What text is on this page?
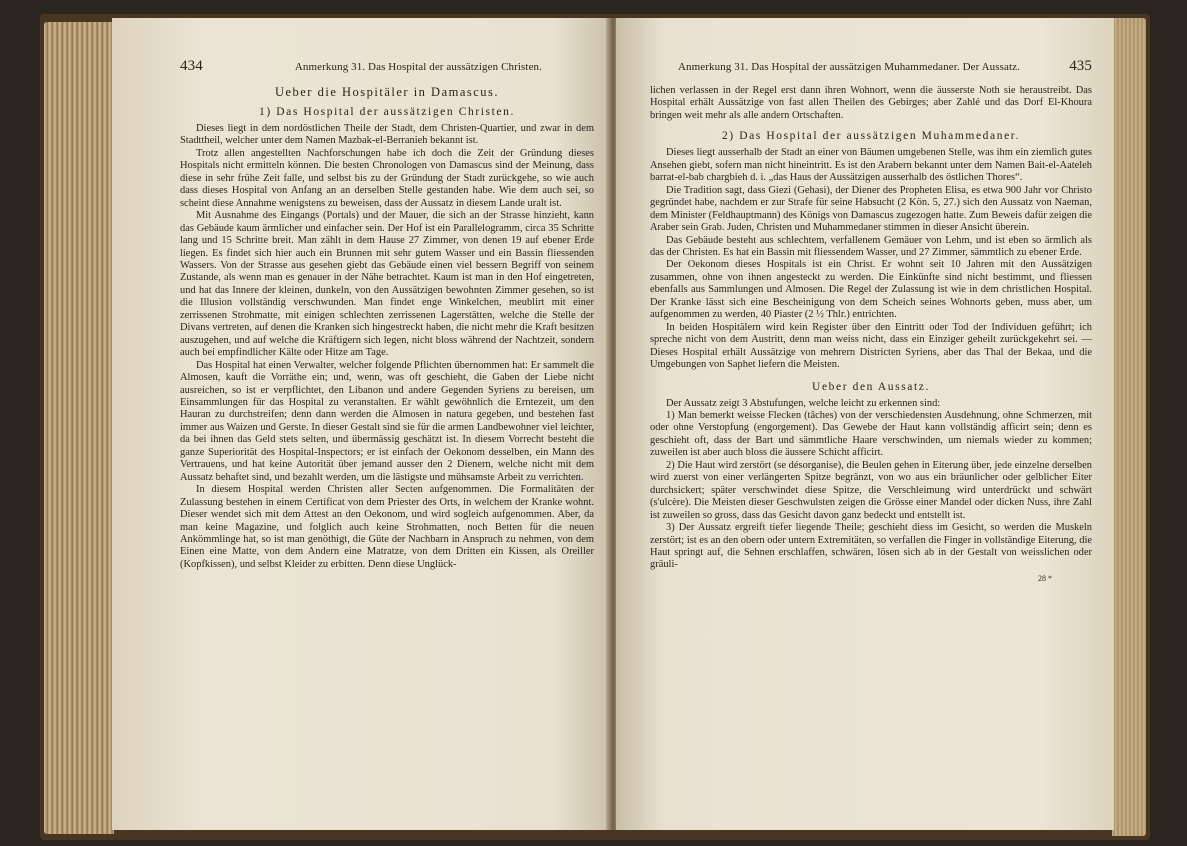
434	Anmerkung 31. Das Hospital der aussätzigen Christen.
Ueber die Hospitäler in Damascus.
1) Das Hospital der aussätzigen Christen.

Dieses liegt in dem nordöstlichen Theile der Stadt, dem Christen-Quartier, und zwar in dem Stadttheil, welcher unter dem Namen Mazbak-el-Berranieh bekannt ist.

Trotz allen angestellten Nachforschungen habe ich doch die Zeit der Gründung dieses Hospitals nicht ermitteln können. Die besten Chronologen von Damascus sind der Meinung, dass diese in sehr frühe Zeit falle, und selbst bis zu der Gründung der Stadt zurückgehe, so wie auch dass dieses Hospital von Anfang an an derselben Stelle gestanden habe. Wie dem auch sei, so scheint diese Annahme wenigstens zu beweisen, dass der Aussatz in diesem Lande uralt ist.

Mit Ausnahme des Eingangs (Portals) und der Mauer, die sich an der Strasse hinzieht, kann das Gebäude kaum ärmlicher und einfacher sein. Der Hof ist ein Parallelogramm, circa 35 Schritte lang und 15 Schritte breit. Man zählt in dem Hause 27 Zimmer, von denen 19 auf ebener Erde liegen. Es findet sich hier auch ein Brunnen mit sehr gutem Wasser und ein Bassin fliessenden Wassers. Von der Strasse aus gesehen giebt das Gebäude einen viel bessern Begriff von seinem Zustande, als wenn man es genauer in der Nähe betrachtet. Kaum ist man in den Hof eingetreten, und hat das Innere der kleinen, dunkeln, von den Aussätzigen bewohnten Zimmer gesehen, so ist die Illusion vollständig verschwunden. Man findet enge Winkelchen, meublirt mit einer zerrissenen Strohmatte, mit einigen schlechten zerrissenen Lagerstätten, welche die Stelle der Divans vertreten, auf denen die Kranken sich hingestreckt haben, die nicht mehr die Kraft besitzen auszugehen, und auf welche die Kräftigern sich legen, nicht bloss während der Nachtzeit, sondern auch bei empfindlicher Kälte oder Hitze am Tage.

Das Hospital hat einen Verwalter, welcher folgende Pflichten übernommen hat: Er sammelt die Almosen, kauft die Vorräthe ein; und, wenn, was oft geschieht, die Gaben der Liebe nicht ausreichen, so ist er verpflichtet, den Libanon und andere Gegenden Syriens zu bereisen, um Einsammlungen für das Hospital zu veranstalten. Er wählt gewöhnlich die Erntezeit, um den Hauran zu durchstreifen; denn dann werden die Almosen in natura gegeben, und bestehen fast immer aus Waizen und Gerste. In dieser Gestalt sind sie für die armen Landbewohner viel leichter, da bei ihnen das Geld stets selten, und übermässig geschätzt ist. In diesem Vorrecht besteht die ganze Superiorität des Hospital-Inspectors; er ist einfach der Oekonom desselben, ein Mann des Vertrauens, und hat keine Autorität über jemand ausser den 2 Dienern, welche nicht mit dem Aussatz behaftet sind, und bezahlt werden, um die lästigste und mühsamste Arbeit zu verrichten.

In diesem Hospital werden Christen aller Secten aufgenommen. Die Formalitäten der Zulassung bestehen in einem Certificat von dem Priester des Orts, in welchem der Kranke wohnt. Dieser wendet sich mit dem Attest an den Oekonom, und wird sogleich aufgenommen. Aber, da man keine Magazine, und folglich auch keine Strohmatten, noch Betten für die neuen Ankömmlinge hat, so ist man genöthigt, die Güte der Nachbarn in Anspruch zu nehmen, von dem Einen eine Matte, von dem Andern eine Matratze, von dem Dritten ein Kissen, als Oreiller (Kopfkissen), und selbst Kleider zu erbitten. Denn diese Unglück-

Anmerkung 31. Das Hospital der aussätzigen Muhammedaner. Der Aussatz.	435

lichen verlassen in der Regel erst dann ihren Wohnort, wenn die äusserste Noth sie heraustreibt. Das Hospital erhält Aussätzige von fast allen Theilen des Gebirges; aber Zahlé und das Dorf El-Khoura bringen weit mehr als alle andern Ortschaften.

2) Das Hospital der aussätzigen Muhammedaner.

Dieses liegt ausserhalb der Stadt an einer von Bäumen umgebenen Stelle, was ihm ein ziemlich gutes Ansehen giebt, sofern man nicht hineintritt. Es ist den Arabern bekannt unter dem Namen Bait-el-Aateleh barrat-el-bab chargbieh d. i. „das Haus der Aussätzigen ausserhalb des östlichen Thores“.

Die Tradition sagt, dass Giezi (Gehasi), der Diener des Propheten Elisa, es etwa 900 Jahr vor Christo gegründet habe, nachdem er zur Strafe für seine Habsucht (2 Kön. 5, 27.) sich den Aussatz von Naeman, dem Minister (Feldhauptmann) des Königs von Damascus zugezogen hatte. Zum Beweis dafür zeigen die Araber sein Grab. Juden, Christen und Muhammedaner stimmen in dieser Ansicht überein.

Das Gebäude besteht aus schlechtem, verfallenem Gemäuer von Lehm, und ist eben so ärmlich als das der Christen. Es hat ein Bassin mit fliessendem Wasser, und 27 Zimmer, sämmtlich zu ebener Erde.

Der Oekonom dieses Hospitals ist ein Christ. Er wohnt seit 10 Jahren mit den Aussätzigen zusammen, ohne von ihnen angesteckt zu werden. Die Einkünfte sind nicht bestimmt, und fliessen ebenfalls aus Sammlungen und Almosen. Die Regel der Zulassung ist wie in dem christlichen Hospital. Der Kranke lässt sich eine Bescheinigung von dem Scheich seines Wohnorts geben, muss aber, um aufgenommen zu werden, 40 Piaster (2 ½ Thlr.) entrichten.

In beiden Hospitälern wird kein Register über den Eintritt oder Tod der Individuen geführt; ich spreche nicht von dem Austritt, denn man weiss nicht, dass ein Einziger geheilt zurückgekehrt sei. — Dieses Hospital erhält Aussätzige von mehrern Districten Syriens, aber das Thal der Bekaa, und die Umgebungen von Saphet liefern die Meisten.

Ueber den Aussatz.

Der Aussatz zeigt 3 Abstufungen, welche leicht zu erkennen sind:

1) Man bemerkt weisse Flecken (tâches) von der verschiedensten Ausdehnung, ohne Schmerzen, mit oder ohne Verstopfung (engorgement). Das Gewebe der Haut kann vollständig afficirt sein; denn es geschieht oft, dass der Bart und sämmtliche Haare verschwinden, um niemals wieder zu kommen; zuweilen ist aber auch bloss die äussere Schicht afficirt.

2) Die Haut wird zerstört (se désorganise), die Beulen gehen in Eiterung über, jede einzelne derselben wird zuerst von einer verlängerten Spitze begränzt, von wo aus ein bräunlicher oder gelblicher Eiter durchsickert; später verschwindet diese Spitze, die Verschleimung wird unterdrückt und schwärt (s'ulcère). Die Meisten dieser Geschwulsten zeigen die Grösse einer Mandel oder dicken Nuss, ihre Zahl ist zuweilen so gross, dass das Gesicht davon ganz bedeckt und entstellt ist.

3) Der Aussatz ergreift tiefer liegende Theile; geschieht diess im Gesicht, so werden die Muskeln zerstört; ist es an den obern oder untern Extremitäten, so verfallen die Finger in vollständige Eiterung, die Haut springt auf, die Sehnen erschlaffen, schwären, lösen sich ab in der Gestalt von weisslichen oder gräuli-

28 *
